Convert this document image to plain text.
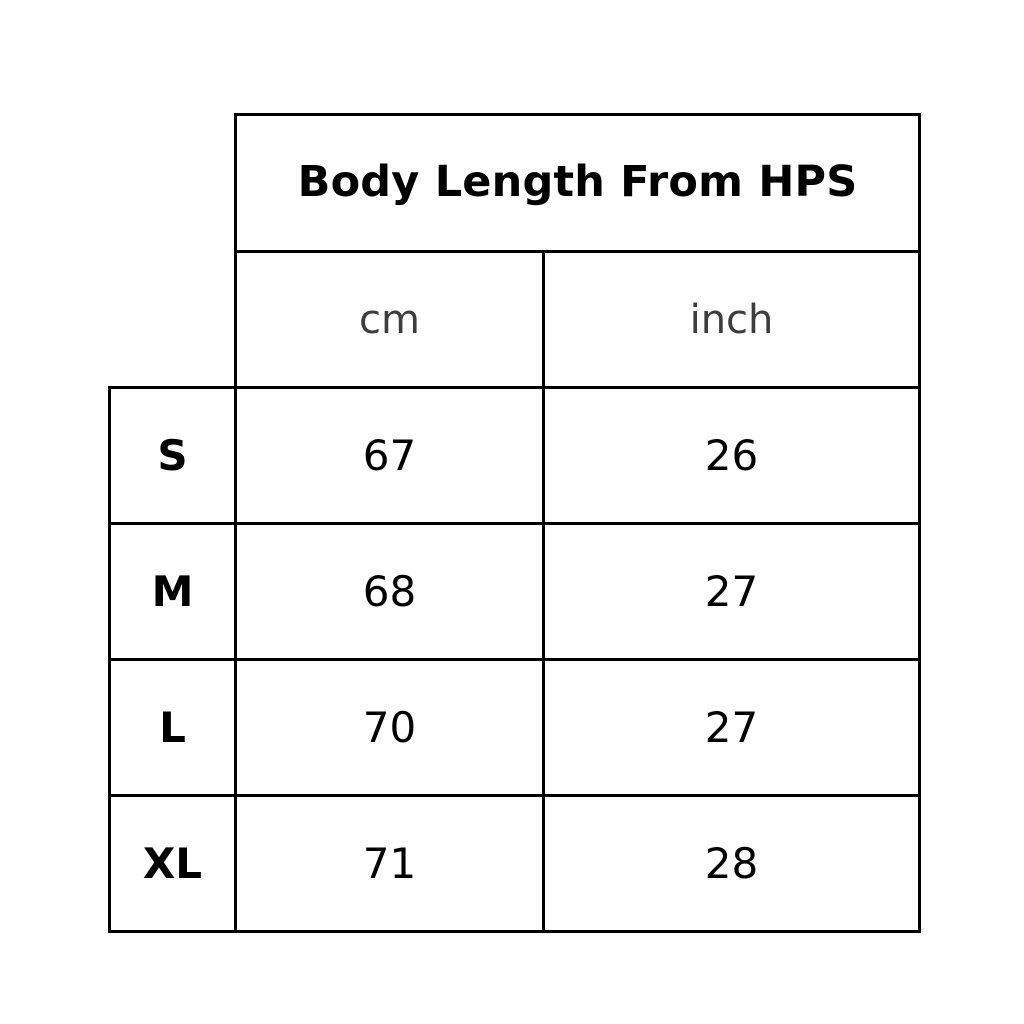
	Body Length From HPS	
	cm	inch
S	67	26
M	68	27
L	70	27
XL	71	28
